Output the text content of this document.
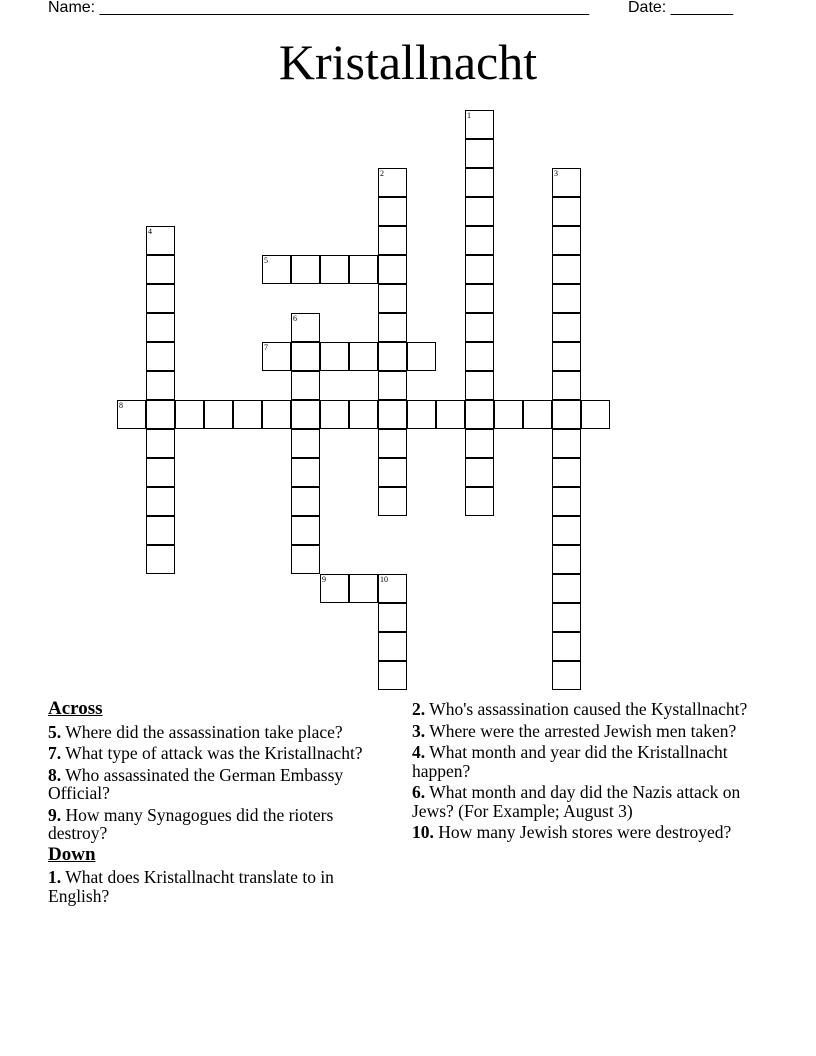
Name: _______________________________________________________ Date: _______
Kristallnacht
1
2	3
4
5
6
7
8
9	10
Across
5. Where did the assassination take place?
7. What type of attack was the Kristallnacht?
8. Who assassinated the German Embassy Official?
9. How many Synagogues did the rioters destroy?
Down
1. What does Kristallnacht translate to in English?
2. Who's assassination caused the Kystallnacht?
3. Where were the arrested Jewish men taken?
4. What month and year did the Kristallnacht happen?
6. What month and day did the Nazis attack on Jews? (For Example; August 3)
10. How many Jewish stores were destroyed?
